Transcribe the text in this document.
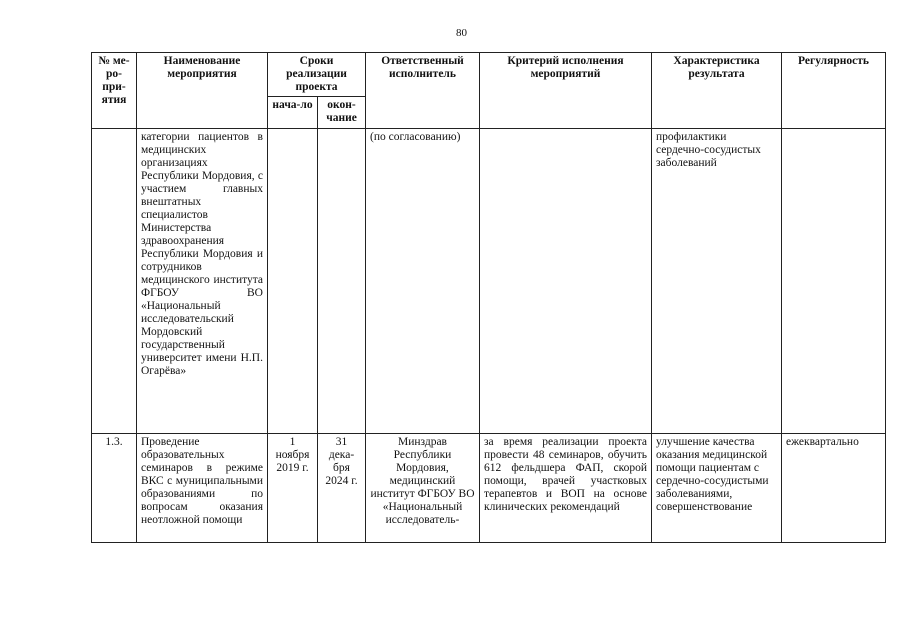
80
№ ме-ро-при-ятия	Наименование мероприятия	Сроки реализации проекта		Ответственный исполнитель	Критерий исполнения мероприятий	Характеристика результата	Регулярность
		нача-ло	окон-чание				
	категории пациентов в медицинских организациях Республики Мордовия, с участием главных внештатных специалистов Министерства здравоохранения Республики Мордовия и сотрудников медицинского института ФГБОУ ВО «Национальный исследовательский Мордовский государственный университет имени Н.П. Огарёва»			(по согласованию)		профилактики сердечно-сосудистых заболеваний	
1.3.	Проведение образовательных семинаров в режиме ВКС с муниципальными образованиями по вопросам оказания неотложной помощи	1 ноября 2019 г.	31 дека-бря 2024 г.	Минздрав Республики Мордовия, медицинский институт ФГБОУ ВО «Национальный исследователь-	за время реализации проекта провести 48 семинаров, обучить 612 фельдшера ФАП, скорой помощи, врачей участковых терапевтов и ВОП на основе клинических рекомендаций	улучшение качества оказания медицинской помощи пациентам с сердечно-сосудистыми заболеваниями, совершенствование	ежеквартально
